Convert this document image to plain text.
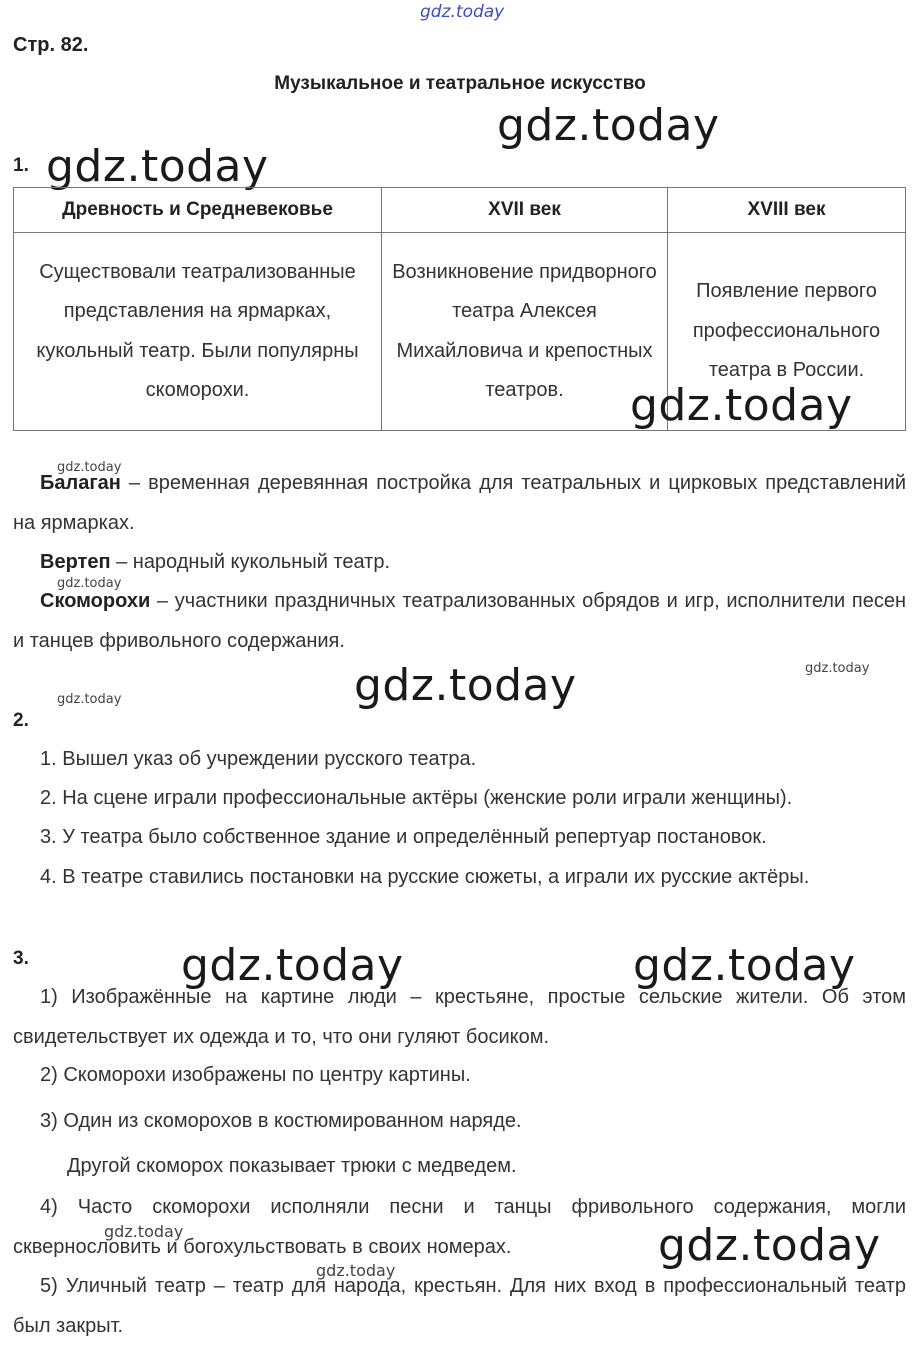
gdz.today
Стр. 82.
Музыкальное и театральное искусство
gdz.today
1. gdz.today
Древность и Средневековье	XVII век	XVIII век
Существовали театрализованные представления на ярмарках, кукольный театр. Были популярны скоморохи.	Возникновение придворного театра Алексея Михайловича и крепостных театров.	Появление первого профессионального театра в России.
gdz.today
gdz.today
Балаган – временная деревянная постройка для театральных и цирковых представлений на ярмарках.
Вертеп – народный кукольный театр.
gdz.today
Скоморохи – участники праздничных театрализованных обрядов и игр, исполнители песен и танцев фривольного содержания.
gdz.today
gdz.today
gdz.today
2.
1. Вышел указ об учреждении русского театра.
2. На сцене играли профессиональные актёры (женские роли играли женщины).
3. У театра было собственное здание и определённый репертуар постановок.
4. В театре ставились постановки на русские сюжеты, а играли их русские актёры.
3.	gdz.today	gdz.today
1) Изображённые на картине люди – крестьяне, простые сельские жители. Об этом свидетельствует их одежда и то, что они гуляют босиком.
2) Скоморохи изображены по центру картины.
3) Один из скоморохов в костюмированном наряде.
Другой скоморох показывает трюки с медведем.
4) Часто скоморохи исполняли песни и танцы фривольного содержания, могли сквернословить и богохульствовать в своих номерах.
gdz.today	gdz.today
gdz.today
5) Уличный театр – театр для народа, крестьян. Для них вход в профессиональный театр был закрыт.
